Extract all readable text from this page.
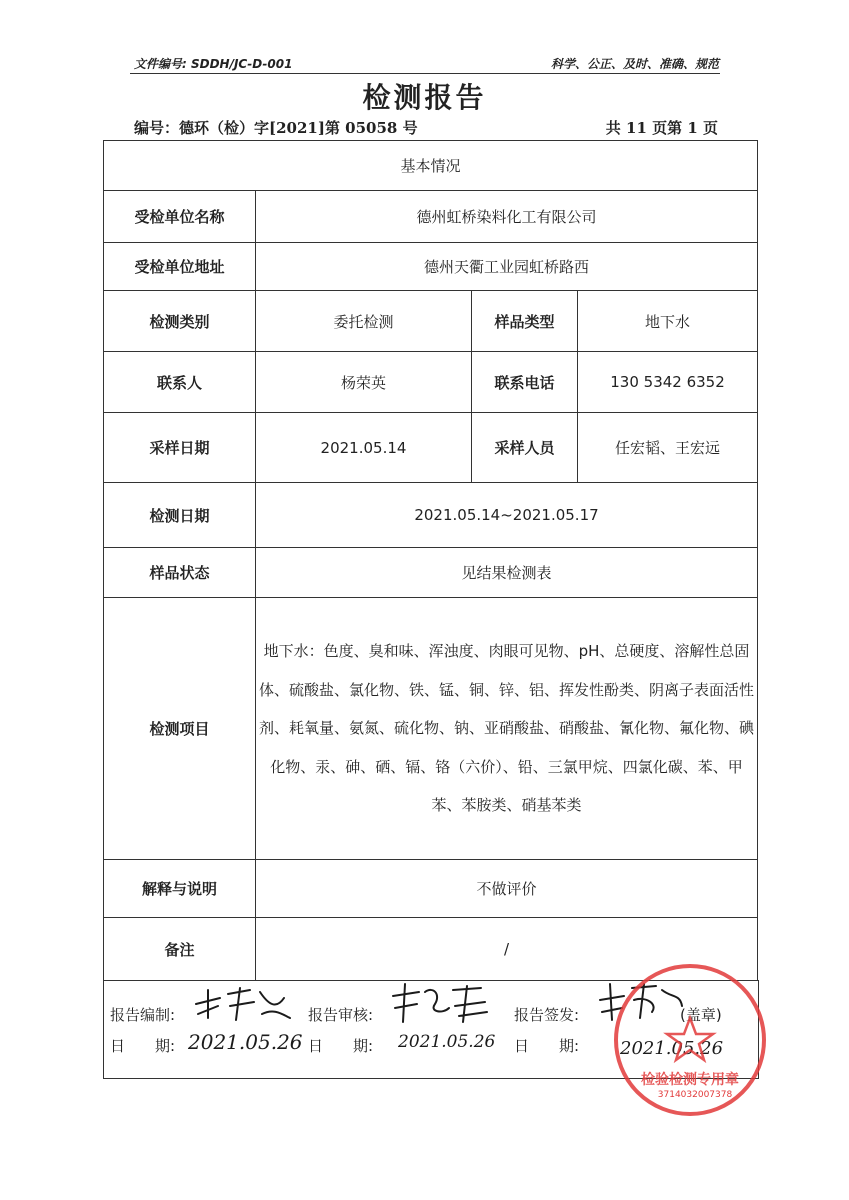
文件编号: SDDH/JC-D-001	科学、公正、及时、准确、规范
检测报告
编号：德环（检）字[2021]第 05058 号	共 11 页第 1 页
基本情况			
受检单位名称	德州虹桥染料化工有限公司		
受检单位地址	德州天衢工业园虹桥路西		
检测类别	委托检测	样品类型	地下水
联系人	杨荣英	联系电话	130 5342 6352
采样日期	2021.05.14	采样人员	任宏韬、王宏远
检测日期	2021.05.14~2021.05.17		
样品状态	见结果检测表		
检测项目	地下水：色度、臭和味、浑浊度、肉眼可见物、pH、总硬度、溶解性总固体、硫酸盐、氯化物、铁、锰、铜、锌、铝、挥发性酚类、阴离子表面活性剂、耗氧量、氨氮、硫化物、钠、亚硝酸盐、硝酸盐、氰化物、氟化物、碘化物、汞、砷、硒、镉、铬（六价）、铅、三氯甲烷、四氯化碳、苯、甲苯、苯胺类、硝基苯类		
解释与说明	不做评价		
备注	/		
报告编制:	报告审核:	报告签发:	(盖章)
日　　期:	日　　期:	日　　期:
2021.05.26	2021.05.26	2021.05.26
检验检测专用章
3714032007378
